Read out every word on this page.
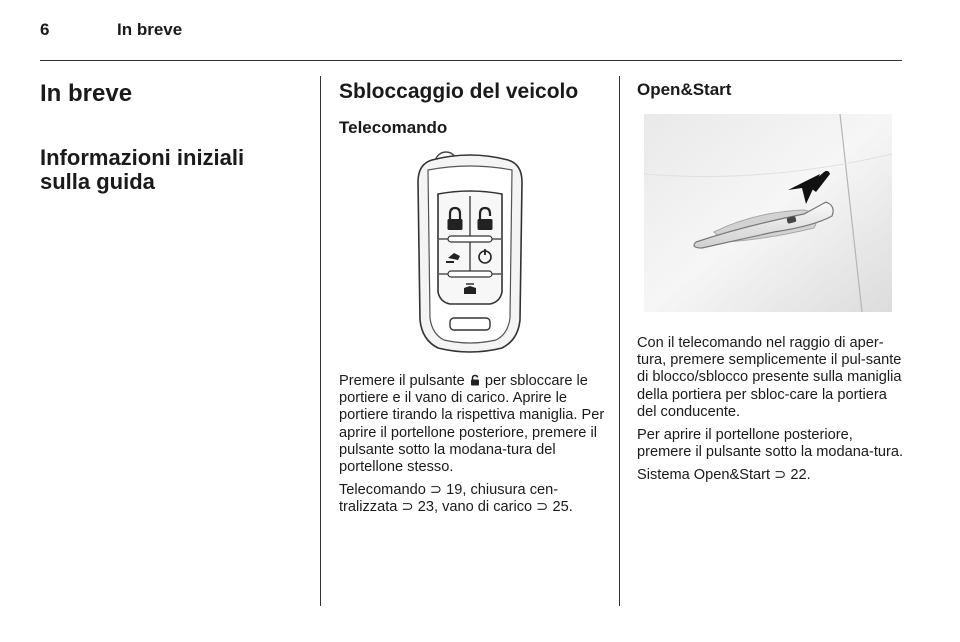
6	In breve
In breve
Informazioni iniziali sulla guida
Sbloccaggio del veicolo
Telecomando

Premere il pulsante  per sbloccare le portiere e il vano di carico. Aprire le portiere tirando la rispettiva maniglia. Per aprire il portellone posteriore, premere il pulsante sotto la modana-tura del portellone stesso.

Telecomando ⊃ 19, chiusura cen-tralizzata ⊃ 23, vano di carico ⊃ 25.

Open&Start

Con il telecomando nel raggio di aper-tura, premere semplicemente il pul-sante di blocco/sblocco presente sulla maniglia della portiera per sbloc-care la portiera del conducente.

Per aprire il portellone posteriore, premere il pulsante sotto la modana-tura.

Sistema Open&Start ⊃ 22.
